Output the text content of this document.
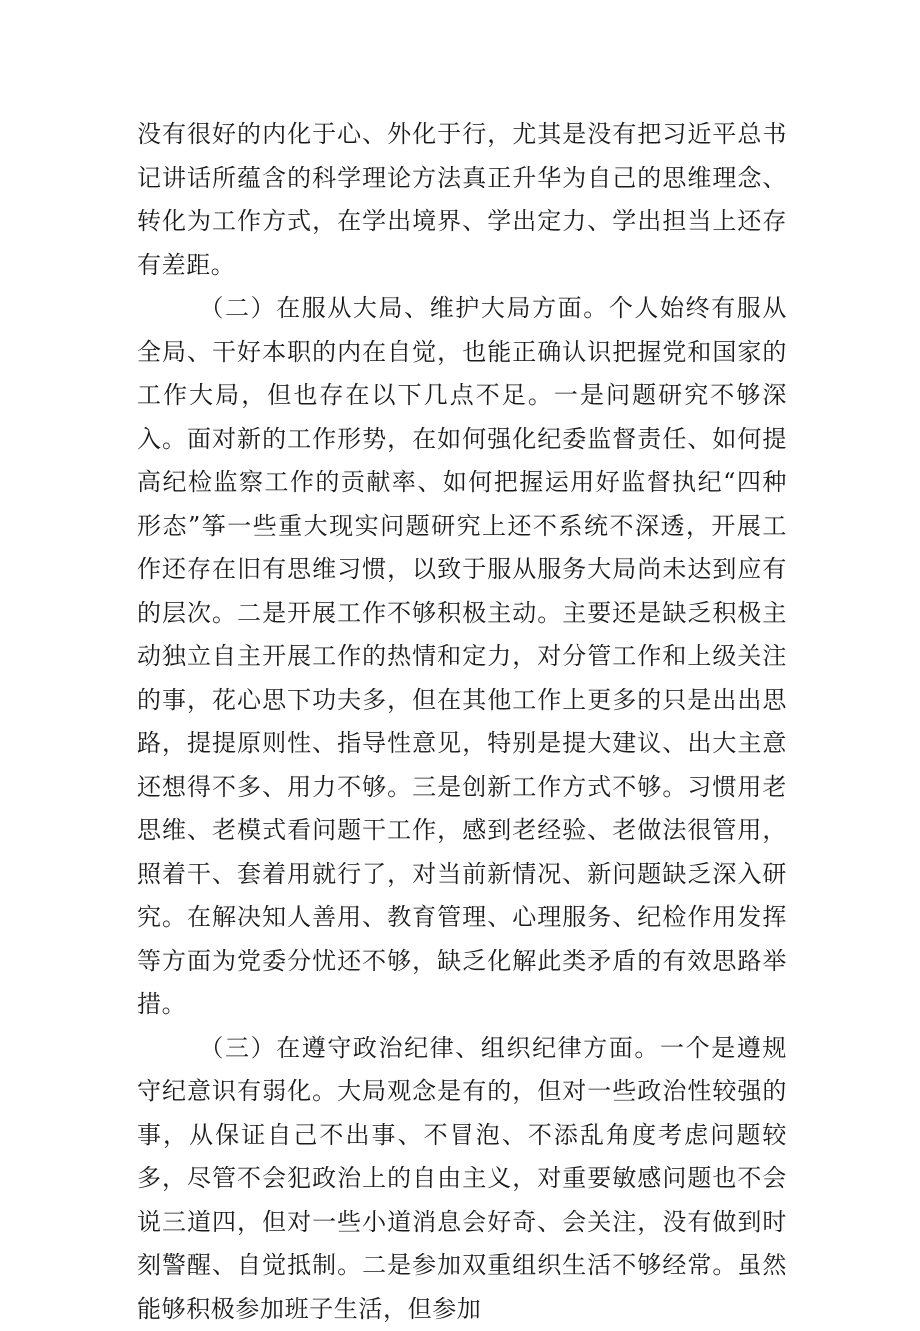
没有很好的内化于心、外化于行，尤其是没有把习近平总书记讲话所蕴含的科学理论方法真正升华为自己的思维理念、转化为工作方式，在学出境界、学出定力、学出担当上还存有差距。

（二）在服从大局、维护大局方面。个人始终有服从全局、干好本职的内在自觉，也能正确认识把握党和国家的工作大局，但也存在以下几点不足。一是问题研究不够深入。面对新的工作形势，在如何强化纪委监督责任、如何提高纪检监察工作的贡献率、如何把握运用好监督执纪“四种形态”筝一些重大现实问题研究上还不系统不深透，开展工作还存在旧有思维习惯，以致于服从服务大局尚未达到应有的层次。二是开展工作不够积极主动。主要还是缺乏积极主动独立自主开展工作的热情和定力，对分管工作和上级关注的事，花心思下功夫多，但在其他工作上更多的只是出出思路，提提原则性、指导性意见，特别是提大建议、出大主意还想得不多、用力不够。三是创新工作方式不够。习惯用老思维、老模式看问题干工作，感到老经验、老做法很管用，照着干、套着用就行了，对当前新情况、新问题缺乏深入研究。在解决知人善用、教育管理、心理服务、纪检作用发挥等方面为党委分忧还不够，缺乏化解此类矛盾的有效思路举措。

（三）在遵守政治纪律、组织纪律方面。一个是遵规守纪意识有弱化。大局观念是有的，但对一些政治性较强的事，从保证自己不出事、不冒泡、不添乱角度考虑问题较多，尽管不会犯政治上的自由主义，对重要敏感问题也不会说三道四，但对一些小道消息会好奇、会关注，没有做到时刻警醒、自觉抵制。二是参加双重组织生活不够经常。虽然能够积极参加班子生活，但参加
